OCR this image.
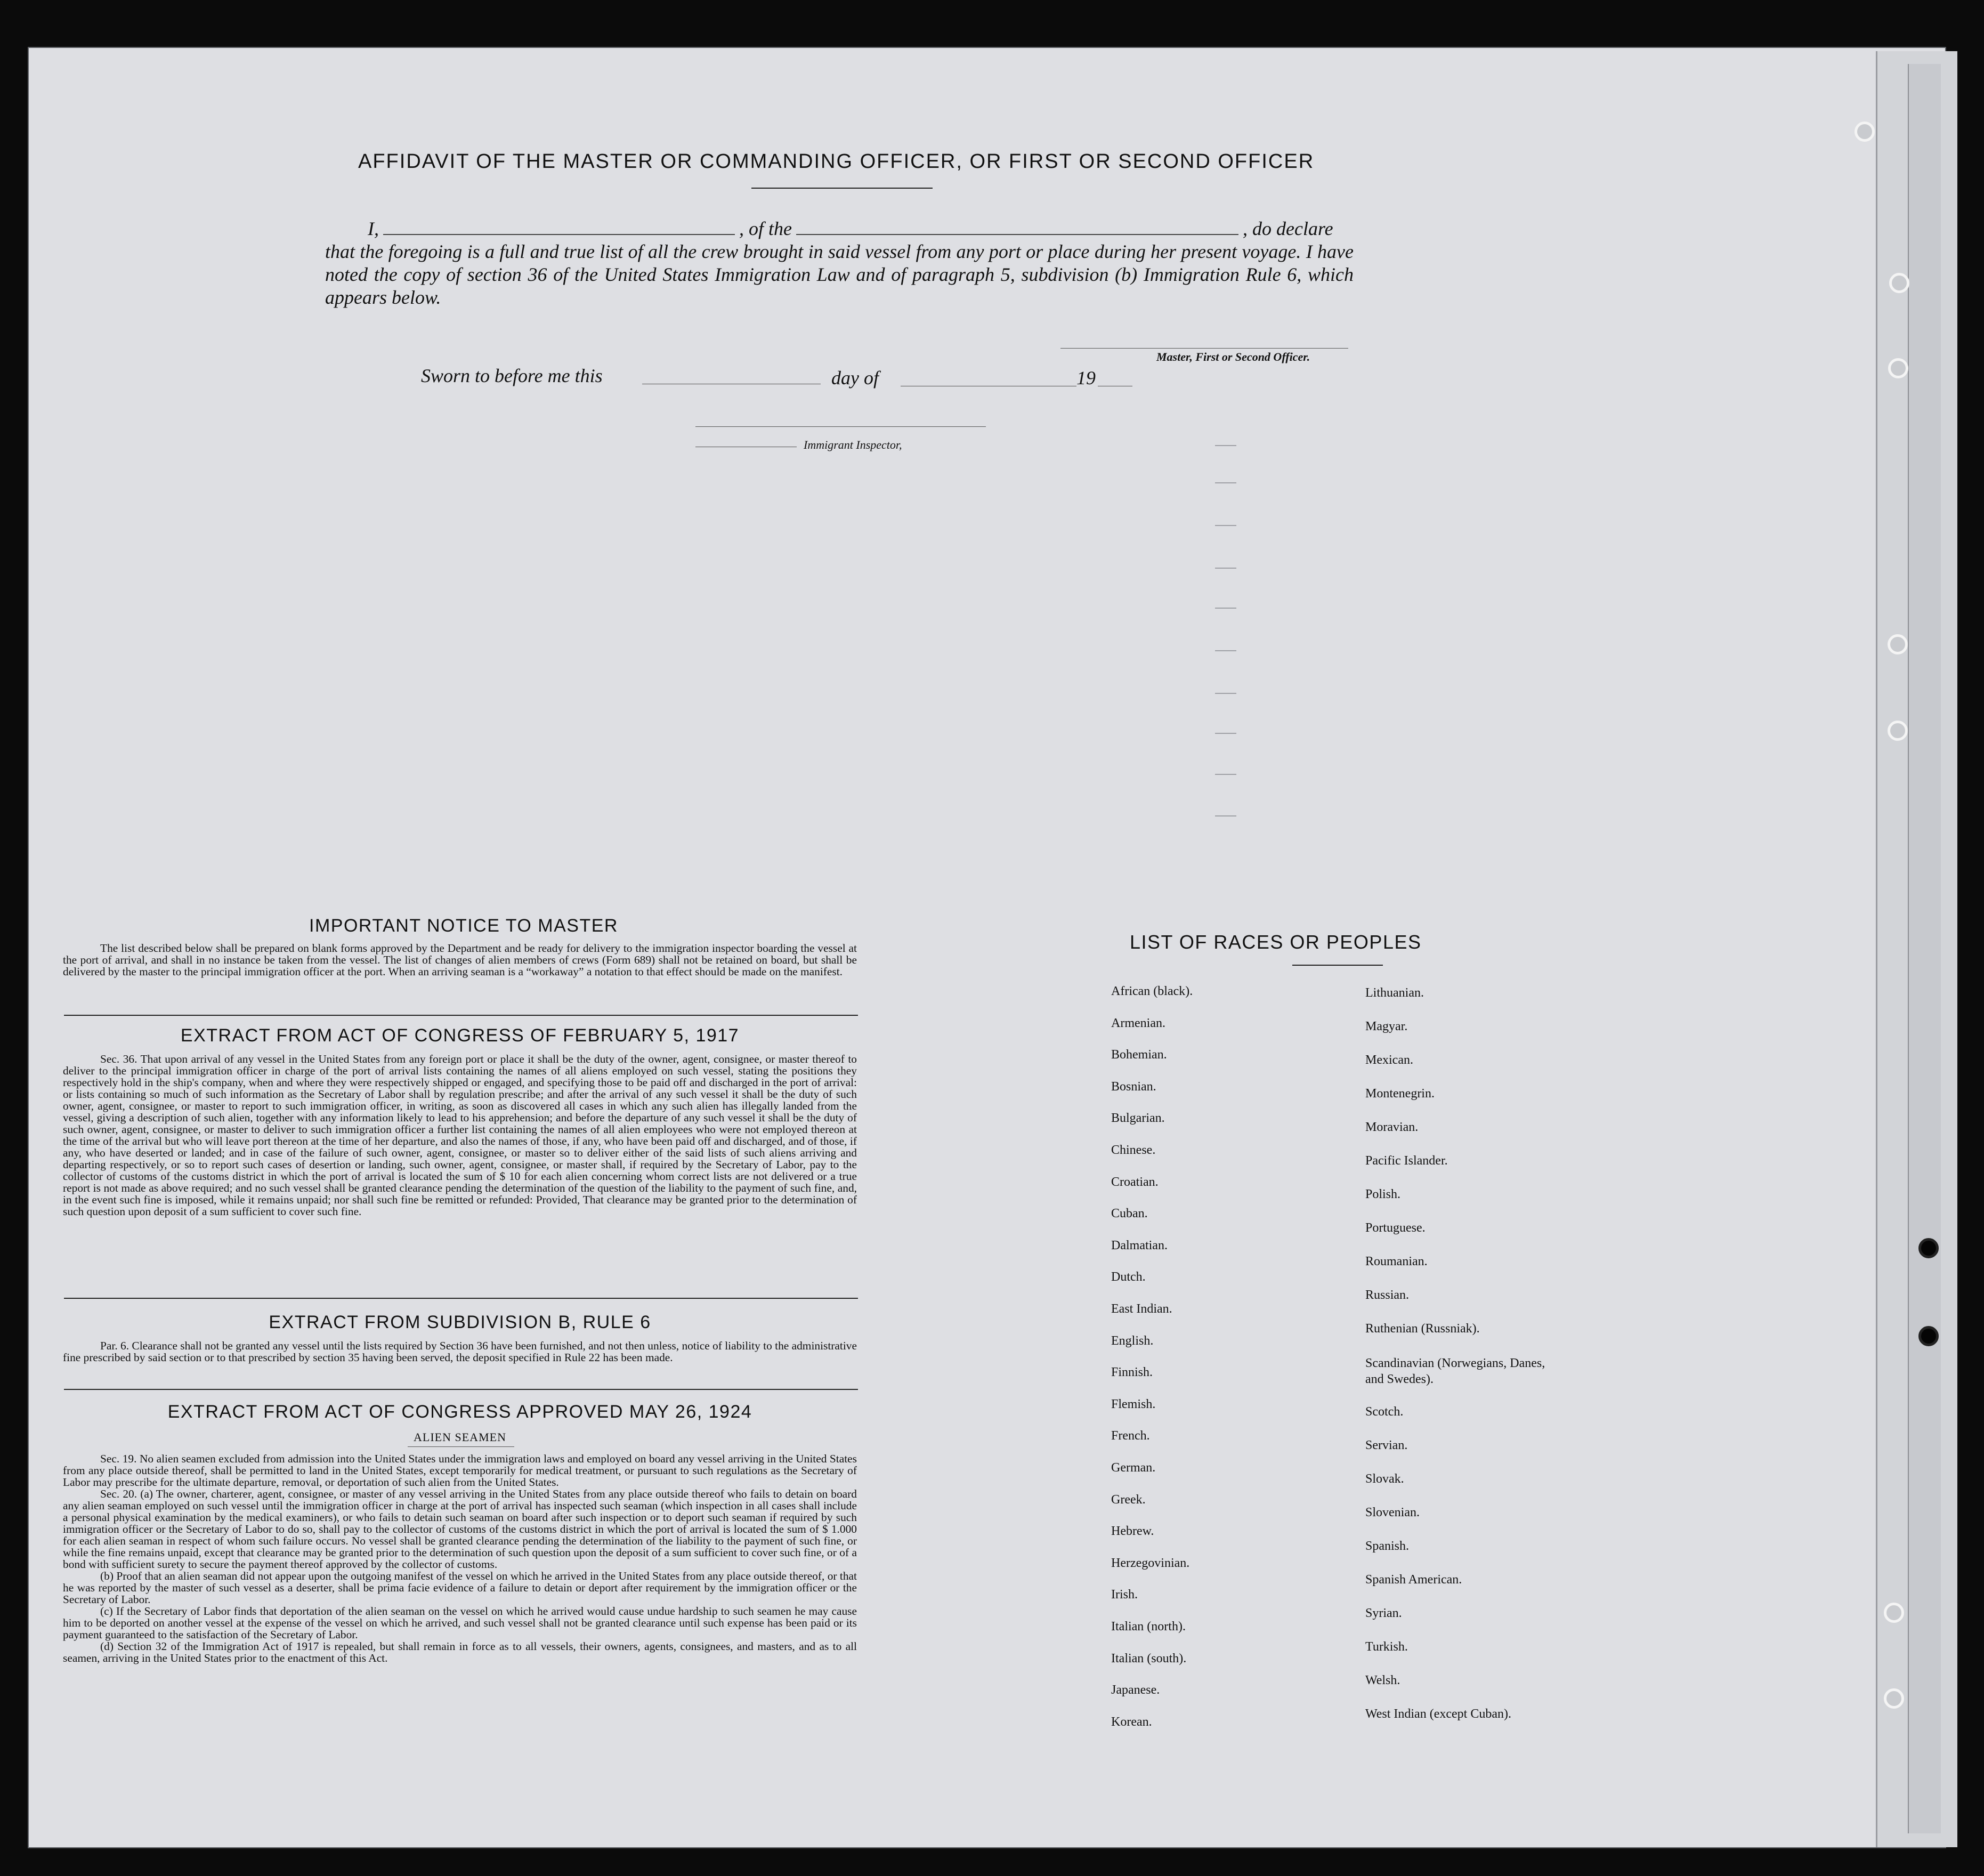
AFFIDAVIT OF THE MASTER OR COMMANDING OFFICER, OR FIRST OR SECOND OFFICER
I,	, of the	, do declare
that the foregoing is a full and true list of all the crew brought in said vessel from any port or place during her present voyage. I have noted the copy of section 36 of the United States Immigration Law and of paragraph 5, subdivision (b) Immigration Rule 6, which appears below.
Master, First or Second Officer.
Sworn to before me this	day of	19
Immigrant Inspector,
IMPORTANT NOTICE TO MASTER

The list described below shall be prepared on blank forms approved by the Department and be ready for delivery to the immigration inspector boarding the vessel at the port of arrival, and shall in no instance be taken from the vessel. The list of changes of alien members of crews (Form 689) shall not be retained on board, but shall be delivered by the master to the principal immigration officer at the port. When an arriving seaman is a “workaway” a notation to that effect should be made on the manifest.

EXTRACT FROM ACT OF CONGRESS OF FEBRUARY 5, 1917

Sec. 36. That upon arrival of any vessel in the United States from any foreign port or place it shall be the duty of the owner, agent, consignee, or master thereof to deliver to the principal immigration officer in charge of the port of arrival lists containing the names of all aliens employed on such vessel, stating the positions they respectively hold in the ship's company, when and where they were respectively shipped or engaged, and specifying those to be paid off and discharged in the port of arrival: or lists containing so much of such information as the Secretary of Labor shall by regulation prescribe; and after the arrival of any such vessel it shall be the duty of such owner, agent, consignee, or master to report to such immigration officer, in writing, as soon as discovered all cases in which any such alien has illegally landed from the vessel, giving a description of such alien, together with any information likely to lead to his apprehension; and before the departure of any such vessel it shall be the duty of such owner, agent, consignee, or master to deliver to such immigration officer a further list containing the names of all alien employees who were not employed thereon at the time of the arrival but who will leave port thereon at the time of her departure, and also the names of those, if any, who have been paid off and discharged, and of those, if any, who have deserted or landed; and in case of the failure of such owner, agent, consignee, or master so to deliver either of the said lists of such aliens arriving and departing respectively, or so to report such cases of desertion or landing, such owner, agent, consignee, or master shall, if required by the Secretary of Labor, pay to the collector of customs of the customs district in which the port of arrival is located the sum of $ 10 for each alien concerning whom correct lists are not delivered or a true report is not made as above required; and no such vessel shall be granted clearance pending the determination of the question of the liability to the payment of such fine, and, in the event such fine is imposed, while it remains unpaid; nor shall such fine be remitted or refunded: Provided, That clearance may be granted prior to the determination of such question upon deposit of a sum sufficient to cover such fine.

EXTRACT FROM SUBDIVISION B, RULE 6

Par. 6. Clearance shall not be granted any vessel until the lists required by Section 36 have been furnished, and not then unless, notice of liability to the administrative fine prescribed by said section or to that prescribed by section 35 having been served, the deposit specified in Rule 22 has been made.

EXTRACT FROM ACT OF CONGRESS APPROVED MAY 26, 1924
ALIEN SEAMEN

Sec. 19. No alien seamen excluded from admission into the United States under the immigration laws and employed on board any vessel arriving in the United States from any place outside thereof, shall be permitted to land in the United States, except temporarily for medical treatment, or pursuant to such regulations as the Secretary of Labor may prescribe for the ultimate departure, removal, or deportation of such alien from the United States.

Sec. 20. (a) The owner, charterer, agent, consignee, or master of any vessel arriving in the United States from any place outside thereof who fails to detain on board any alien seaman employed on such vessel until the immigration officer in charge at the port of arrival has inspected such seaman (which inspection in all cases shall include a personal physical examination by the medical examiners), or who fails to detain such seaman on board after such inspection or to deport such seaman if required by such immigration officer or the Secretary of Labor to do so, shall pay to the collector of customs of the customs district in which the port of arrival is located the sum of $ 1.000 for each alien seaman in respect of whom such failure occurs. No vessel shall be granted clearance pending the determination of the liability to the payment of such fine, or while the fine remains unpaid, except that clearance may be granted prior to the determination of such question upon the deposit of a sum sufficient to cover such fine, or of a bond with sufficient surety to secure the payment thereof approved by the collector of customs.

(b) Proof that an alien seaman did not appear upon the outgoing manifest of the vessel on which he arrived in the United States from any place outside thereof, or that he was reported by the master of such vessel as a deserter, shall be prima facie evidence of a failure to detain or deport after requirement by the immigration officer or the Secretary of Labor.

(c) If the Secretary of Labor finds that deportation of the alien seaman on the vessel on which he arrived would cause undue hardship to such seamen he may cause him to be deported on another vessel at the expense of the vessel on which he arrived, and such vessel shall not be granted clearance until such expense has been paid or its payment guaranteed to the satisfaction of the Secretary of Labor.

(d) Section 32 of the Immigration Act of 1917 is repealed, but shall remain in force as to all vessels, their owners, agents, consignees, and masters, and as to all seamen, arriving in the United States prior to the enactment of this Act.

LIST OF RACES OR PEOPLES
African (black).
Armenian.
Bohemian.
Bosnian.
Bulgarian.
Chinese.
Croatian.
Cuban.
Dalmatian.
Dutch.
East Indian.
English.
Finnish.
Flemish.
French.
German.
Greek.
Hebrew.
Herzegovinian.
Irish.
Italian (north).
Italian (south).
Japanese.
Korean.
Lithuanian.
Magyar.
Mexican.
Montenegrin.
Moravian.
Pacific Islander.
Polish.
Portuguese.
Roumanian.
Russian.
Ruthenian (Russniak).
Scandinavian (Norwegians, Danes, and Swedes).
Scotch.
Servian.
Slovak.
Slovenian.
Spanish.
Spanish American.
Syrian.
Turkish.
Welsh.
West Indian (except Cuban).
